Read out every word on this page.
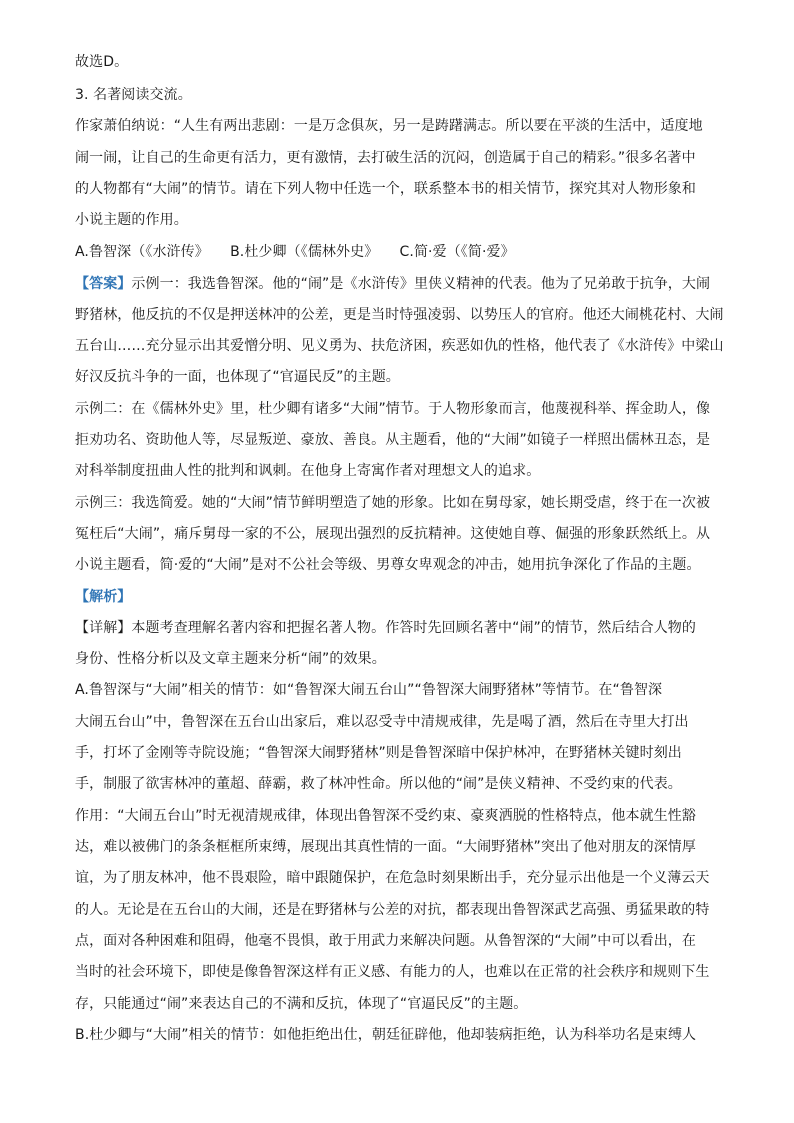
故选D。
3. 名著阅读交流。
作家萧伯纳说：“人生有两出悲剧：一是万念俱灰，另一是踌躇满志。所以要在平淡的生活中，适度地
闹一闹，让自己的生命更有活力，更有激情，去打破生活的沉闷，创造属于自己的精彩。”很多名著中
的人物都有“大闹”的情节。请在下列人物中任选一个，联系整本书的相关情节，探究其对人物形象和
小说主题的作用。
A.鲁智深（《水浒传》　　B.杜少卿（《儒林外史》　　C.简·爱（《简·爱》
【答案】示例一：我选鲁智深。他的“闹”是《水浒传》里侠义精神的代表。他为了兄弟敢于抗争，大闹
野猪林，他反抗的不仅是押送林冲的公差，更是当时恃强凌弱、以势压人的官府。他还大闹桃花村、大闹
五台山……充分显示出其爱憎分明、见义勇为、扶危济困，疾恶如仇的性格，他代表了《水浒传》中梁山
好汉反抗斗争的一面，也体现了“官逼民反”的主题。
示例二：在《儒林外史》里，杜少卿有诸多“大闹”情节。于人物形象而言，他蔑视科举、挥金助人，像
拒劝功名、资助他人等，尽显叛逆、豪放、善良。从主题看，他的“大闹”如镜子一样照出儒林丑态，是
对科举制度扭曲人性的批判和讽刺。在他身上寄寓作者对理想文人的追求。
示例三：我选简爱。她的“大闹”情节鲜明塑造了她的形象。比如在舅母家，她长期受虐，终于在一次被
冤枉后“大闹”，痛斥舅母一家的不公，展现出强烈的反抗精神。这使她自尊、倔强的形象跃然纸上。从
小说主题看，简·爱的“大闹”是对不公社会等级、男尊女卑观念的冲击，她用抗争深化了作品的主题。
【解析】
【详解】本题考查理解名著内容和把握名著人物。作答时先回顾名著中“闹”的情节，然后结合人物的
身份、性格分析以及文章主题来分析“闹”的效果。
A.鲁智深与“大闹”相关的情节：如“鲁智深大闹五台山”“鲁智深大闹野猪林”等情节。在“鲁智深
大闹五台山”中，鲁智深在五台山出家后，难以忍受寺中清规戒律，先是喝了酒，然后在寺里大打出
手，打坏了金刚等寺院设施；“鲁智深大闹野猪林”则是鲁智深暗中保护林冲，在野猪林关键时刻出
手，制服了欲害林冲的董超、薛霸，救了林冲性命。所以他的“闹”是侠义精神、不受约束的代表。
作用：“大闹五台山”时无视清规戒律，体现出鲁智深不受约束、豪爽洒脱的性格特点，他本就生性豁
达，难以被佛门的条条框框所束缚，展现出其真性情的一面。“大闹野猪林”突出了他对朋友的深情厚
谊，为了朋友林冲，他不畏艰险，暗中跟随保护，在危急时刻果断出手，充分显示出他是一个义薄云天
的人。无论是在五台山的大闹，还是在野猪林与公差的对抗，都表现出鲁智深武艺高强、勇猛果敢的特
点，面对各种困难和阻碍，他毫不畏惧，敢于用武力来解决问题。从鲁智深的“大闹”中可以看出，在
当时的社会环境下，即使是像鲁智深这样有正义感、有能力的人，也难以在正常的社会秩序和规则下生
存，只能通过“闹”来表达自己的不满和反抗，体现了“官逼民反”的主题。
B.杜少卿与“大闹”相关的情节：如他拒绝出仕，朝廷征辟他，他却装病拒绝，认为科举功名是束缚人
